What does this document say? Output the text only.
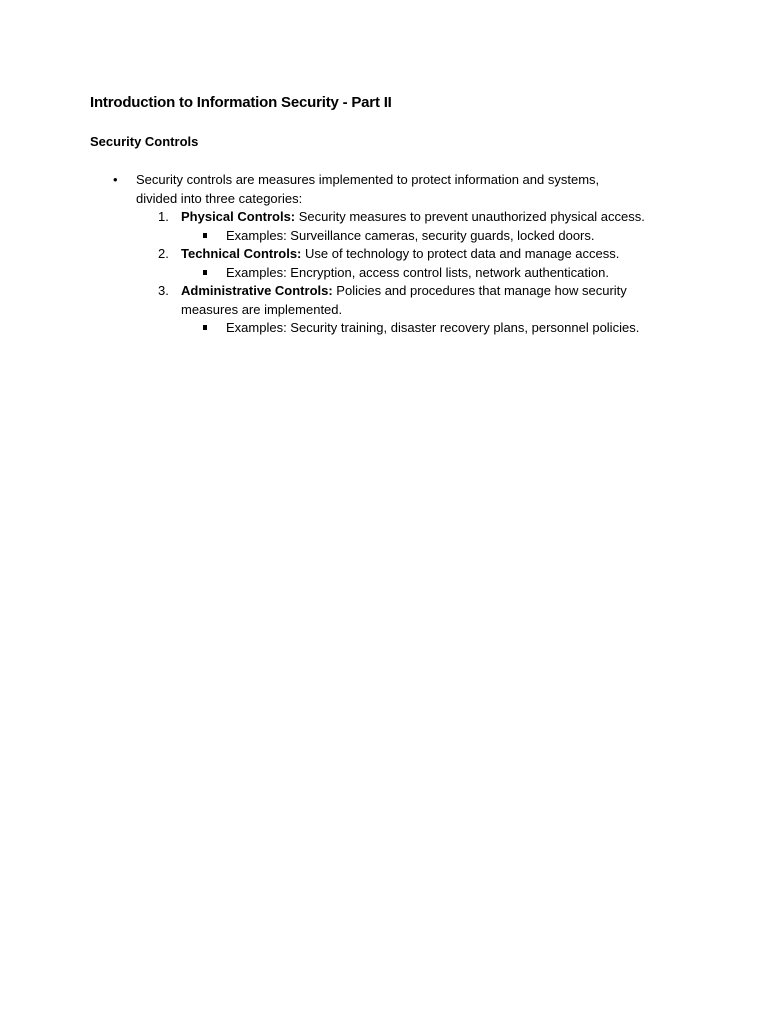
Introduction to Information Security - Part II
Security Controls
• Security controls are measures implemented to protect information and systems,
divided into three categories:
1. Physical Controls: Security measures to prevent unauthorized physical access.
Examples: Surveillance cameras, security guards, locked doors.
2. Technical Controls: Use of technology to protect data and manage access.
Examples: Encryption, access control lists, network authentication.
3. Administrative Controls: Policies and procedures that manage how security
measures are implemented.
Examples: Security training, disaster recovery plans, personnel policies.
